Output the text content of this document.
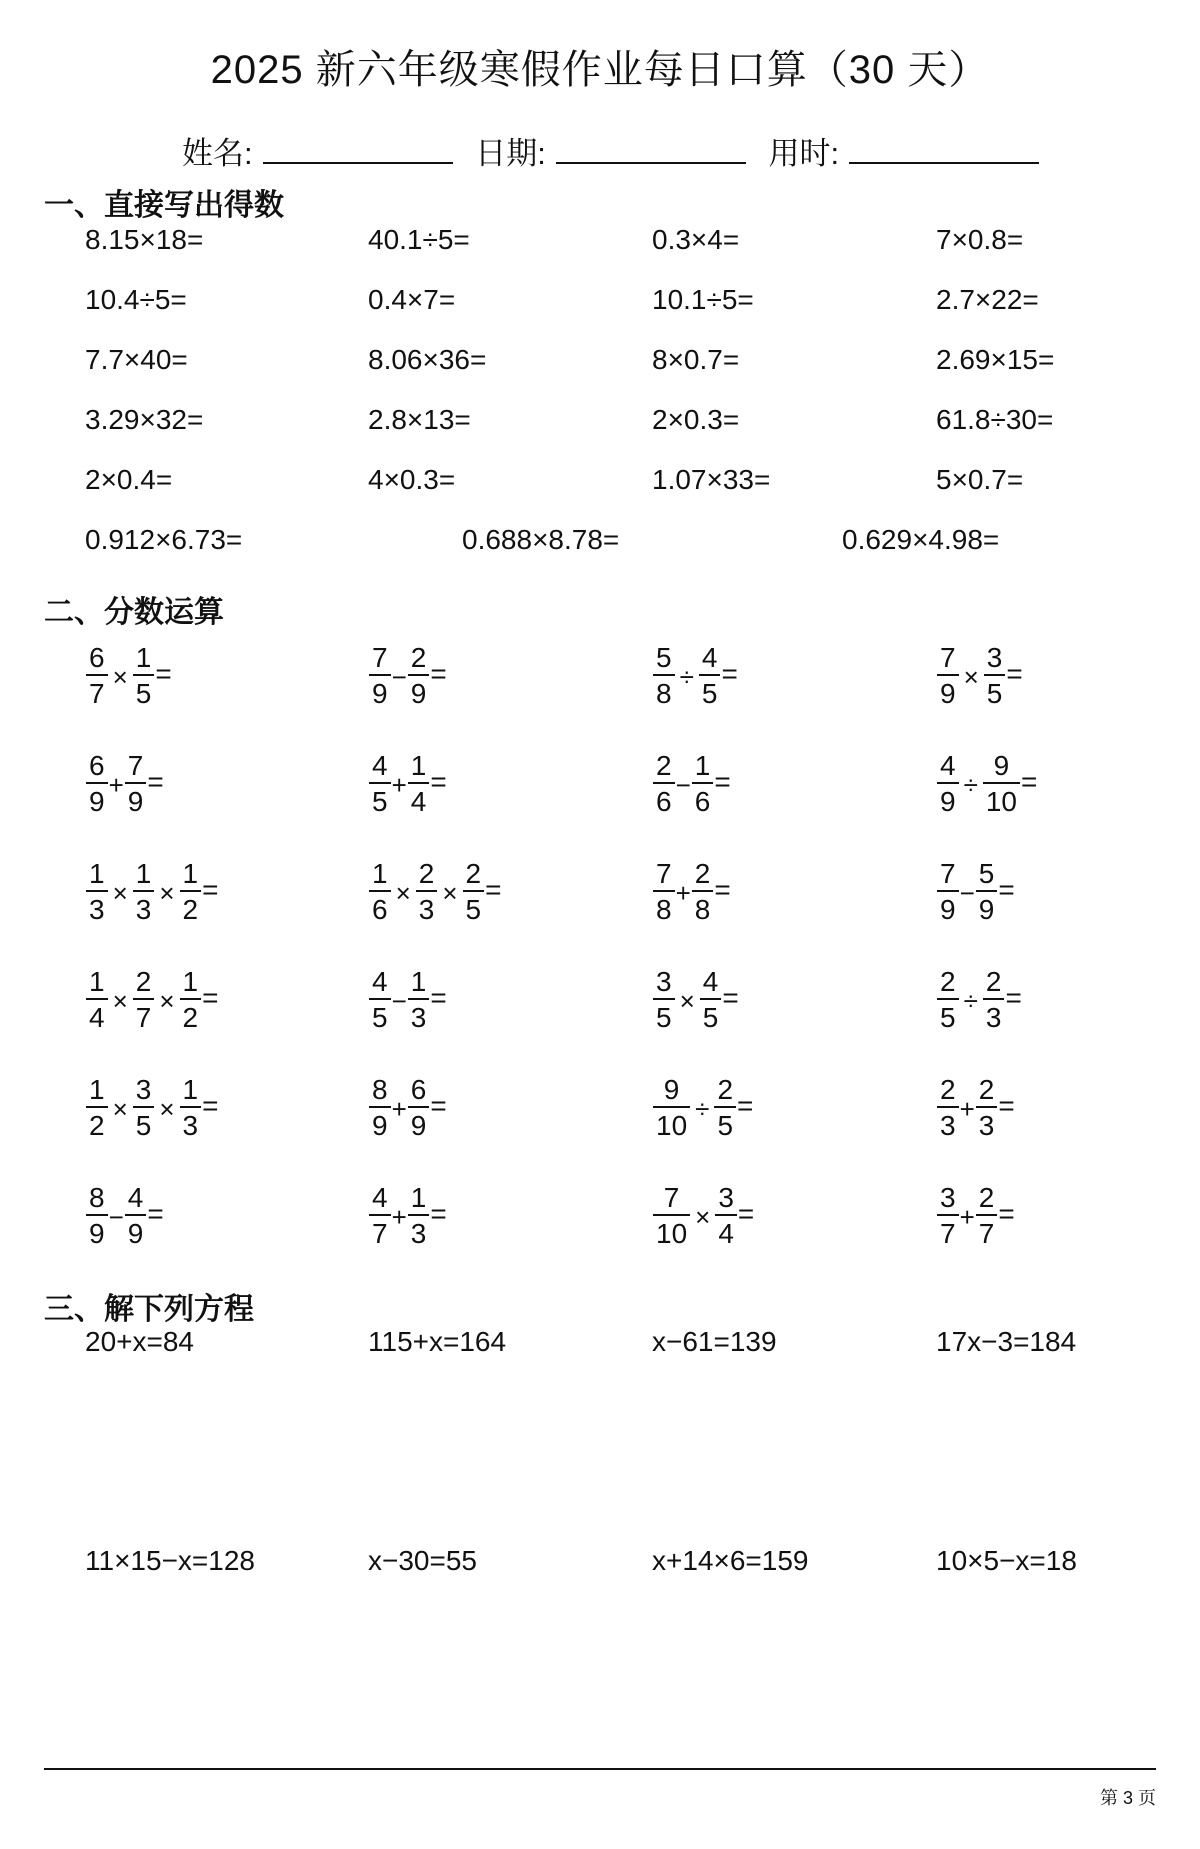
2025 新六年级寒假作业每日口算（30 天）
姓名:	日期:	用时:
一、直接写出得数
8.15×18=	40.1÷5=	0.3×4=	7×0.8=
10.4÷5=	0.4×7=	10.1÷5=	2.7×22=
7.7×40=	8.06×36=	8×0.7=	2.69×15=
3.29×32=	2.8×13=	2×0.3=	61.8÷30=
2×0.4=	4×0.3=	1.07×33=	5×0.7=
0.912×6.73=	0.688×8.78=	0.629×4.98=
二、分数运算
$\frac{6}{7} \times \frac{1}{5}$ =	$\frac{7}{9} - \frac{2}{9}$ =	$\frac{5}{8} \div \frac{4}{5}$ =	$\frac{7}{9} \times \frac{3}{5}$ =
$\frac{6}{9} + \frac{7}{9}$ =	$\frac{4}{5} + \frac{1}{4}$ =	$\frac{2}{6} - \frac{1}{6}$ =	$\frac{4}{9} \div \frac{9}{10}$ =
$\frac{1}{3} \times \frac{1}{3} \times \frac{1}{2}$ =	$\frac{1}{6} \times \frac{2}{3} \times \frac{2}{5}$ =	$\frac{7}{8} + \frac{2}{8}$ =	$\frac{7}{9} - \frac{5}{9}$ =
$\frac{1}{4} \times \frac{2}{7} \times \frac{1}{2}$ =	$\frac{4}{5} - \frac{1}{3}$ =	$\frac{3}{5} \times \frac{4}{5}$ =	$\frac{2}{5} \div \frac{2}{3}$ =
$\frac{1}{2} \times \frac{3}{5} \times \frac{1}{3}$ =	$\frac{8}{9} + \frac{6}{9}$ =	$\frac{9}{10} \div \frac{2}{5}$ =	$\frac{2}{3} + \frac{2}{3}$ =
$\frac{8}{9} - \frac{4}{9}$ =	$\frac{4}{7} + \frac{1}{3}$ =	$\frac{7}{10} \times \frac{3}{4}$ =	$\frac{3}{7} + \frac{2}{7}$ =
三、解下列方程
20+x=84	115+x=164	x−61=139	17x−3=184
11×15−x=128	x−30=55	x+14×6=159	10×5−x=18
第 3 页
